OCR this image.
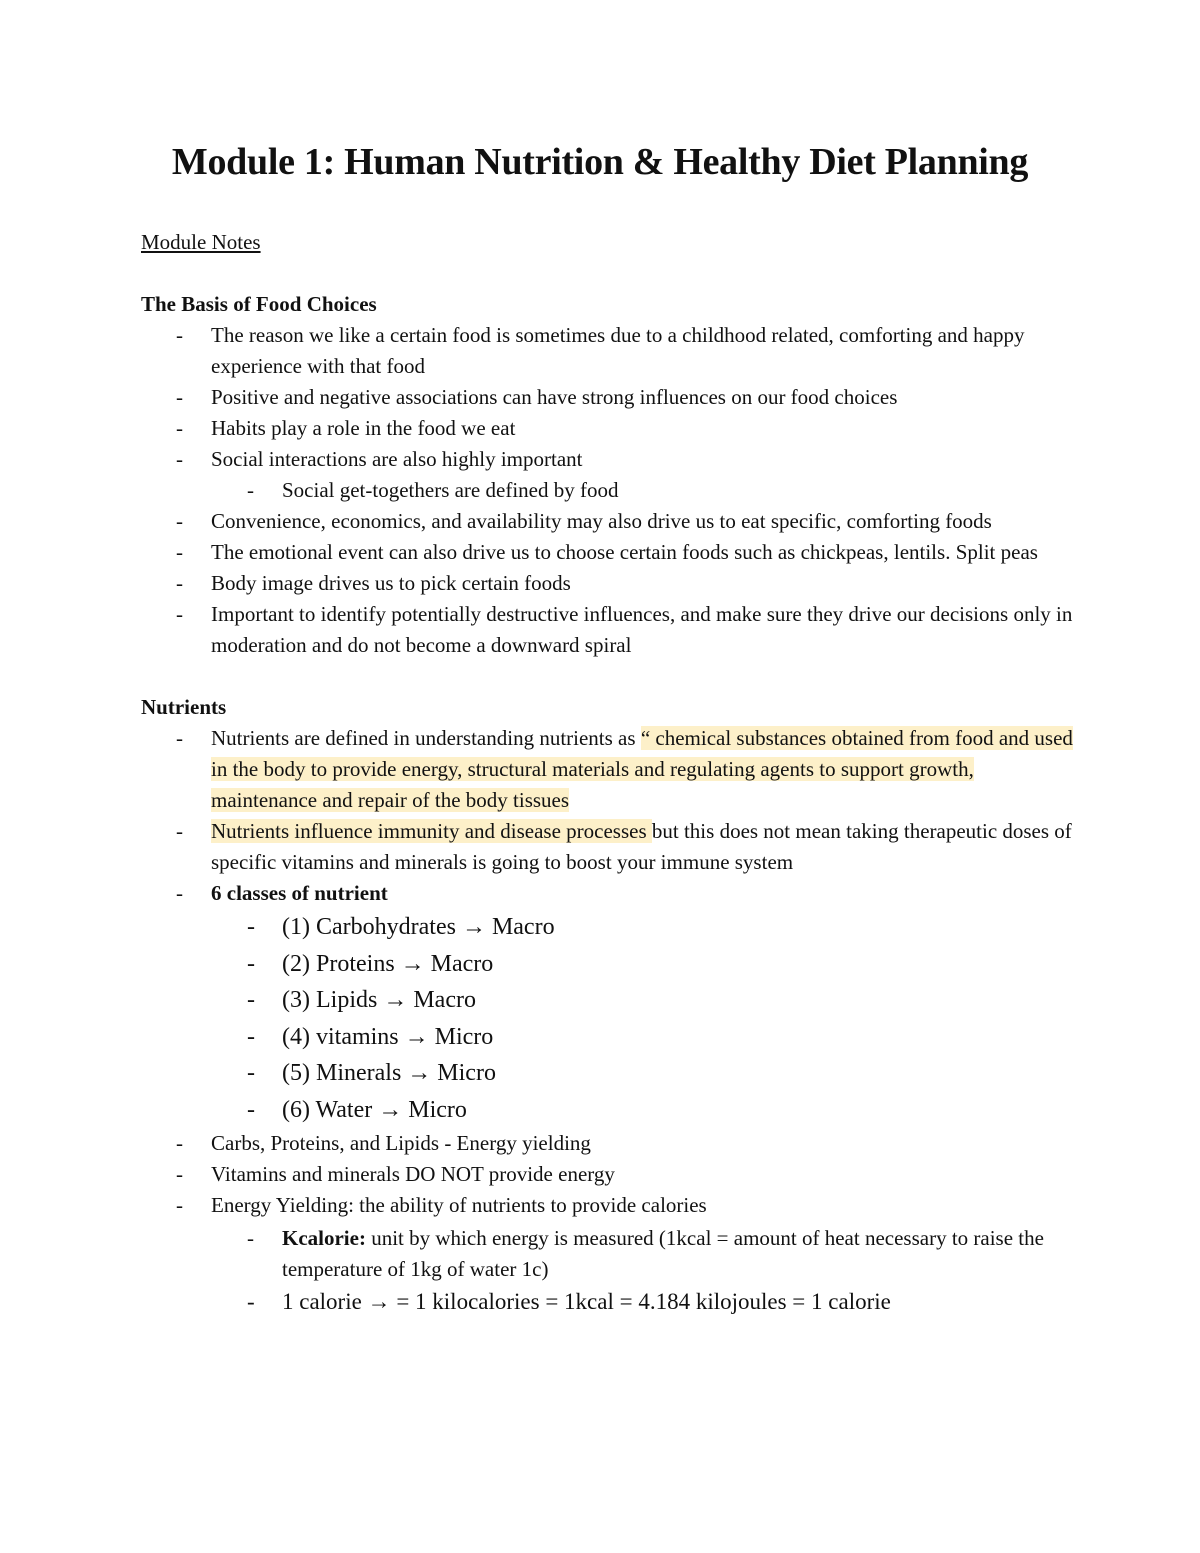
Module 1: Human Nutrition & Healthy Diet Planning
Module Notes
The Basis of Food Choices
- The reason we like a certain food is sometimes due to a childhood related, comforting and happy experience with that food
- Positive and negative associations can have strong influences on our food choices
- Habits play a role in the food we eat
- Social interactions are also highly important
- Social get-togethers are defined by food
- Convenience, economics, and availability may also drive us to eat specific, comforting foods
- The emotional event can also drive us to choose certain foods such as chickpeas, lentils. Split peas
- Body image drives us to pick certain foods
- Important to identify potentially destructive influences, and make sure they drive our decisions only in moderation and do not become a downward spiral
Nutrients
- Nutrients are defined in understanding nutrients as “ chemical substances obtained from food and used in the body to provide energy, structural materials and regulating agents to support growth, maintenance and repair of the body tissues
- Nutrients influence immunity and disease processes but this does not mean taking therapeutic doses of specific vitamins and minerals is going to boost your immune system
- 6 classes of nutrient
- (1) Carbohydrates → Macro
- (2) Proteins → Macro
- (3) Lipids → Macro
- (4) vitamins → Micro
- (5) Minerals → Micro
- (6) Water → Micro
- Carbs, Proteins, and Lipids - Energy yielding
- Vitamins and minerals DO NOT provide energy
- Energy Yielding: the ability of nutrients to provide calories
- Kcalorie: unit by which energy is measured (1kcal = amount of heat necessary to raise the temperature of 1kg of water 1c)
- 1 calorie → = 1 kilocalories = 1kcal = 4.184 kilojoules = 1 calorie
